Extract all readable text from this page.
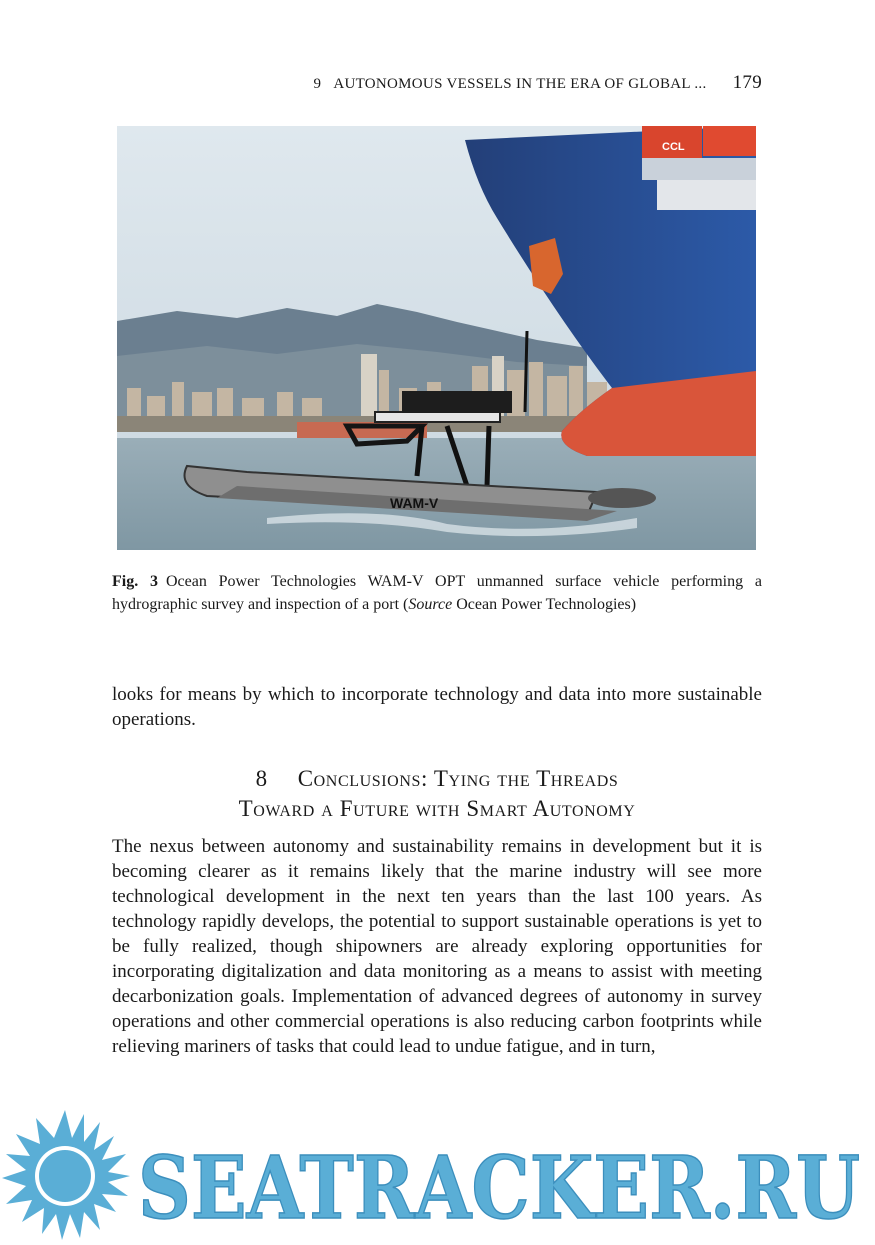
9 AUTONOMOUS VESSELS IN THE ERA OF GLOBAL ... 179
CCL
WAM-V
Fig. 3 Ocean Power Technologies WAM-V OPT unmanned surface vehicle performing a hydrographic survey and inspection of a port (Source Ocean Power Technologies)

looks for means by which to incorporate technology and data into more sustainable operations.

8 Conclusions: Tying the Threads
Toward a Future with Smart Autonomy

The nexus between autonomy and sustainability remains in development but it is becoming clearer as it remains likely that the marine industry will see more technological development in the next ten years than the last 100 years. As technology rapidly develops, the potential to support sustainable operations is yet to be fully realized, though shipowners are already exploring opportunities for incorporating digitalization and data monitoring as a means to assist with meeting decarbonization goals. Implementation of advanced degrees of autonomy in survey operations and other commercial operations is also reducing carbon footprints while relieving mariners of tasks that could lead to undue fatigue, and in turn,

SEATRACKER.RU
